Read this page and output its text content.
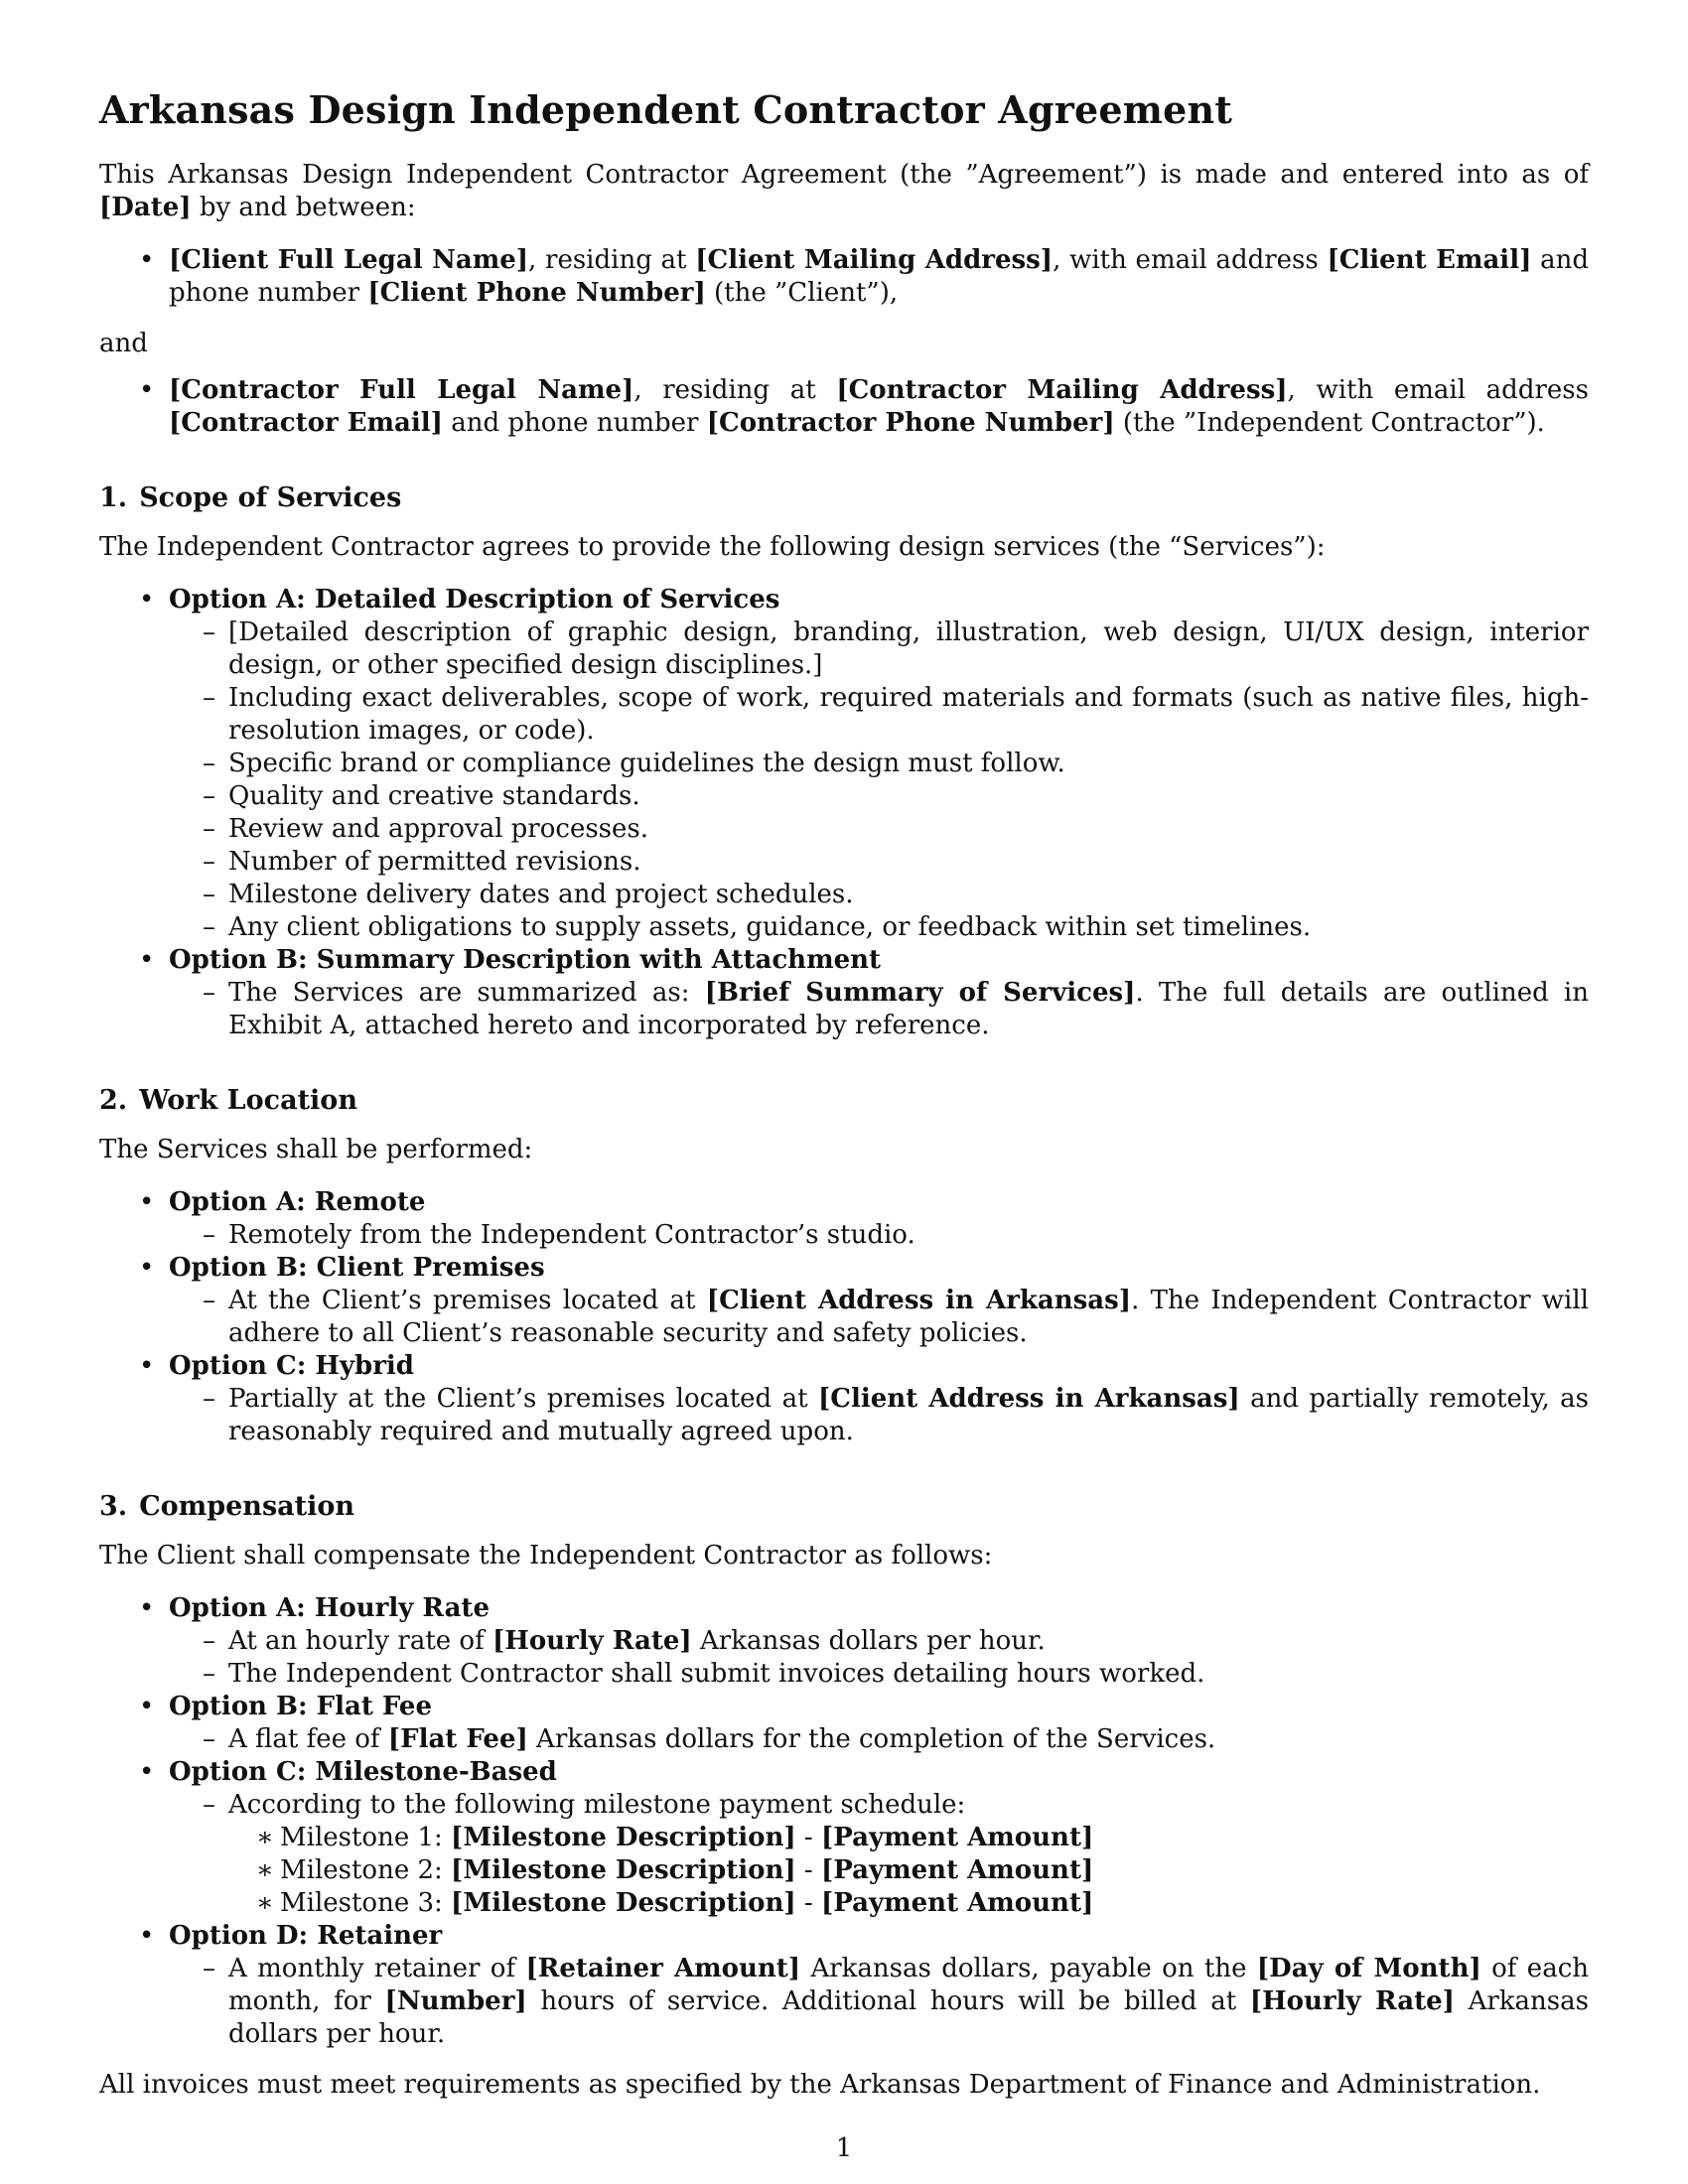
Arkansas Design Independent Contractor Agreement

This Arkansas Design Independent Contractor Agreement (the ”Agreement”) is made and entered into as of [Date] by and between:

• [Client Full Legal Name], residing at [Client Mailing Address], with email address [Client Email] and phone number [Client Phone Number] (the ”Client”),

and

• [Contractor Full Legal Name], residing at [Contractor Mailing Address], with email address [Contractor Email] and phone number [Contractor Phone Number] (the ”Independent Contractor”).
1. Scope of Services

The Independent Contractor agrees to provide the following design services (the “Services”):

• Option A: Detailed Description of Services
– [Detailed description of graphic design, branding, illustration, web design, UI/UX design, interior design, or other specified design disciplines.]
– Including exact deliverables, scope of work, required materials and formats (such as native files, high-resolution images, or code).
– Specific brand or compliance guidelines the design must follow.
– Quality and creative standards.
– Review and approval processes.
– Number of permitted revisions.
– Milestone delivery dates and project schedules.
– Any client obligations to supply assets, guidance, or feedback within set timelines.
• Option B: Summary Description with Attachment
– The Services are summarized as: [Brief Summary of Services]. The full details are outlined in Exhibit A, attached hereto and incorporated by reference.
2. Work Location

The Services shall be performed:

• Option A: Remote
– Remotely from the Independent Contractor’s studio.
• Option B: Client Premises
– At the Client’s premises located at [Client Address in Arkansas]. The Independent Contractor will adhere to all Client’s reasonable security and safety policies.
• Option C: Hybrid
– Partially at the Client’s premises located at [Client Address in Arkansas] and partially remotely, as reasonably required and mutually agreed upon.
3. Compensation

The Client shall compensate the Independent Contractor as follows:

• Option A: Hourly Rate
– At an hourly rate of [Hourly Rate] Arkansas dollars per hour.
– The Independent Contractor shall submit invoices detailing hours worked.
• Option B: Flat Fee
– A flat fee of [Flat Fee] Arkansas dollars for the completion of the Services.
• Option C: Milestone-Based
– According to the following milestone payment schedule:
∗ Milestone 1: [Milestone Description] - [Payment Amount]
∗ Milestone 2: [Milestone Description] - [Payment Amount]
∗ Milestone 3: [Milestone Description] - [Payment Amount]
• Option D: Retainer
– A monthly retainer of [Retainer Amount] Arkansas dollars, payable on the [Day of Month] of each month, for [Number] hours of service. Additional hours will be billed at [Hourly Rate] Arkansas dollars per hour.

All invoices must meet requirements as specified by the Arkansas Department of Finance and Administration.

1
